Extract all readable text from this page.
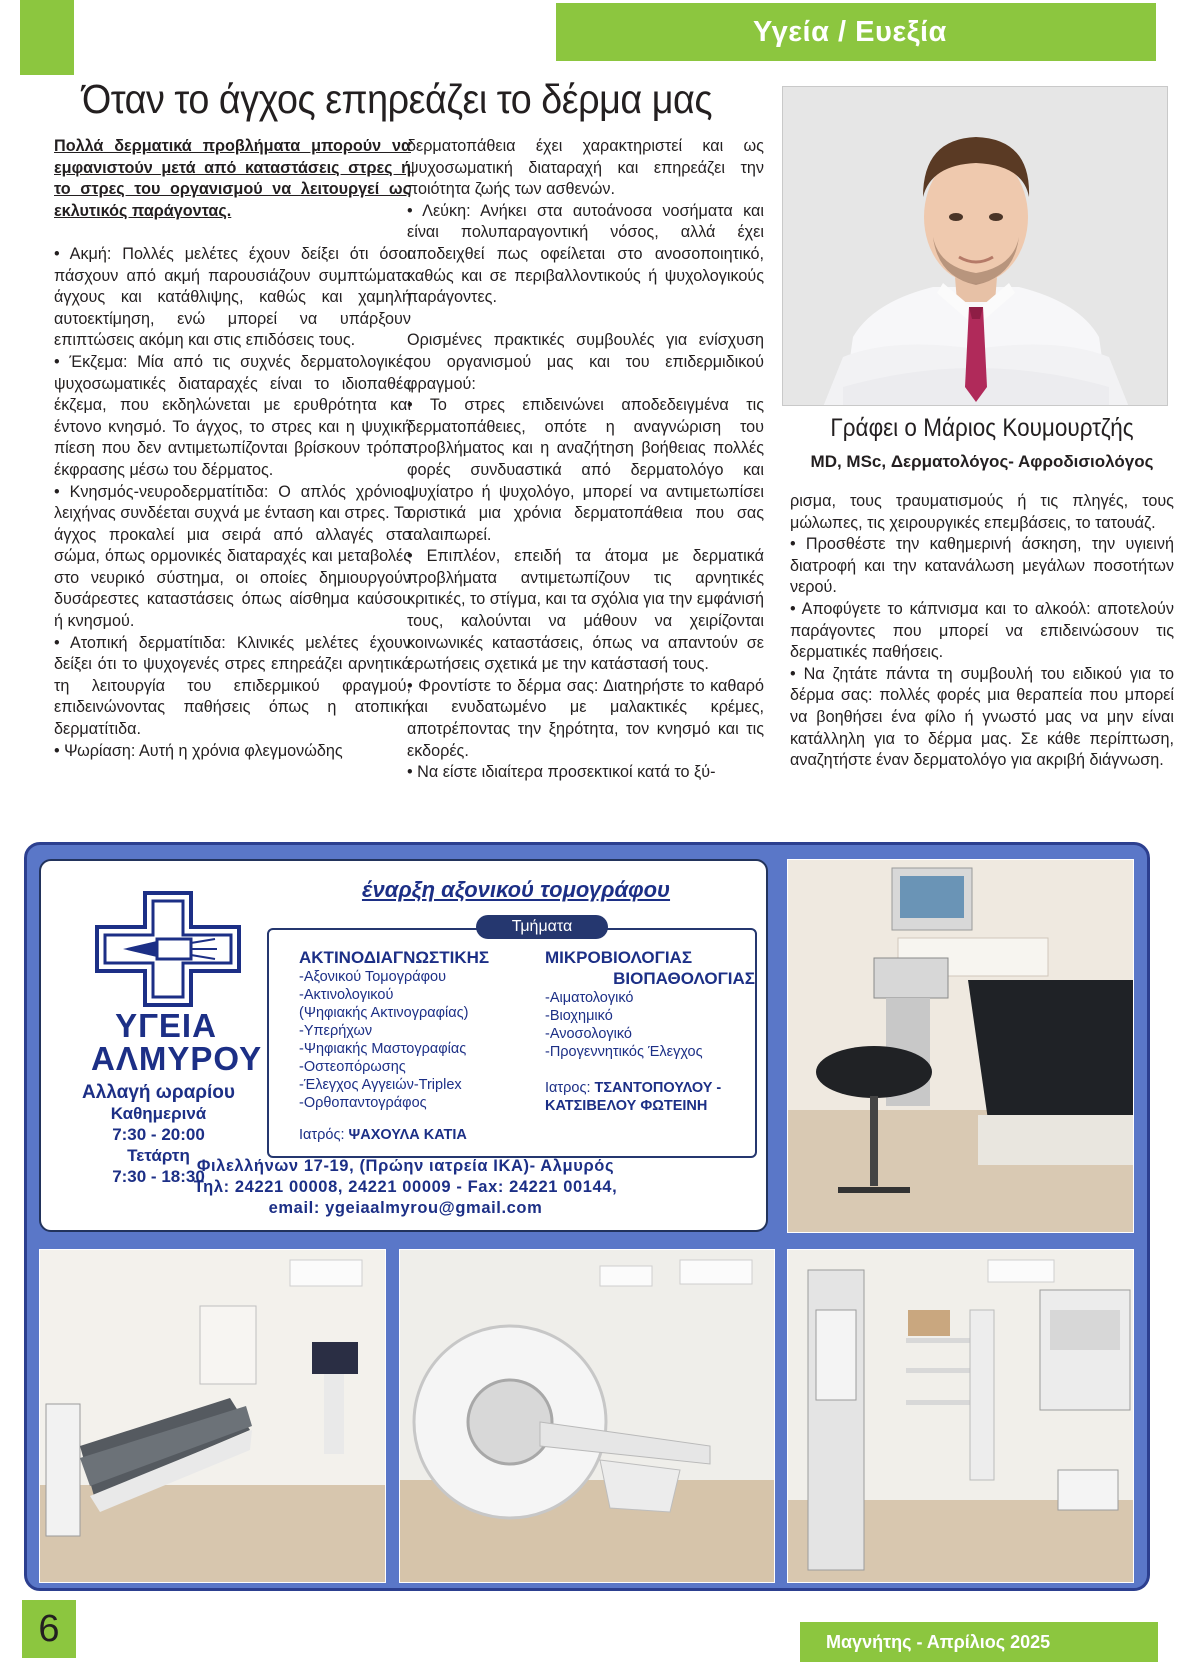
Υγεία / Ευεξία
Όταν το άγχος επηρεάζει το δέρμα μας

Πολλά δερματικά προβλήματα μπορούν να εμφανιστούν μετά από καταστάσεις στρες ή το στρες του οργανισμού να λειτουργεί ως εκλυτικός παράγοντας.

• Ακμή: Πολλές μελέτες έχουν δείξει ότι όσοι πάσχουν από ακμή παρουσιάζουν συμπτώματα άγχους και κατάθλιψης, καθώς και χαμηλή αυτοεκτίμηση, ενώ μπορεί να υπάρξουν επιπτώσεις ακόμη και στις επιδόσεις τους.

• Έκζεμα: Μία από τις συχνές δερματολογικές ψυχοσωματικές διαταραχές είναι το ιδιοπαθές έκζεμα, που εκδηλώνεται με ερυθρότητα και έντονο κνησμό. Το άγχος, το στρες και η ψυχική πίεση που δεν αντιμετωπίζονται βρίσκουν τρόπο έκφρασης μέσω του δέρματος.

• Κνησμός-νευροδερματίτιδα: Ο απλός χρόνιος λειχήνας συνδέεται συχνά με ένταση και στρες. Το άγχος προκαλεί μια σειρά από αλλαγές στο σώμα, όπως ορμονικές διαταραχές και μεταβολές στο νευρικό σύστημα, οι οποίες δημιουργούν δυσάρεστες καταστάσεις όπως αίσθημα καύσου ή κνησμού.

• Ατοπική δερματίτιδα: Κλινικές μελέτες έχουν δείξει ότι το ψυχογενές στρες επηρεάζει αρνητικά τη λειτουργία του επιδερμικού φραγμού, επιδεινώνοντας παθήσεις όπως η ατοπική δερματίτιδα.

• Ψωρίαση: Αυτή η χρόνια φλεγμονώδης

δερματοπάθεια έχει χαρακτηριστεί και ως ψυχοσωματική διαταραχή και επηρεάζει την ποιότητα ζωής των ασθενών.

• Λεύκη: Ανήκει στα αυτοάνοσα νοσήματα και είναι πολυπαραγοντική νόσος, αλλά έχει αποδειχθεί πως οφείλεται στο ανοσοποιητικό, καθώς και σε περιβαλλοντικούς ή ψυχολογικούς παράγοντες.

Ορισμένες πρακτικές συμβουλές για ενίσχυση του οργανισμού μας και του επιδερμιδικού φραγμού:

• Το στρες επιδεινώνει αποδεδειγμένα τις δερματοπάθειες, οπότε η αναγνώριση του προβλήματος και η αναζήτηση βοήθειας πολλές φορές συνδυαστικά από δερματολόγο και ψυχίατρο ή ψυχολόγο, μπορεί να αντιμετωπίσει οριστικά μια χρόνια δερματοπάθεια που σας ταλαιπωρεί.

• Επιπλέον, επειδή τα άτομα με δερματικά προβλήματα αντιμετωπίζουν τις αρνητικές κριτικές, το στίγμα, και τα σχόλια για την εμφάνισή τους, καλούνται να μάθουν να χειρίζονται κοινωνικές καταστάσεις, όπως να απαντούν σε ερωτήσεις σχετικά με την κατάστασή τους.

• Φροντίστε το δέρμα σας: Διατηρήστε το καθαρό και ενυδατωμένο με μαλακτικές κρέμες, αποτρέποντας την ξηρότητα, τον κνησμό και τις εκδορές.

• Να είστε ιδιαίτερα προσεκτικοί κατά το ξύ-

Γράφει ο Μάριος Κουμουρτζής
MD, MSc, Δερματολόγος- Αφροδισιολόγος

ρισμα, τους τραυματισμούς ή τις πληγές, τους μώλωπες, τις χειρουργικές επεμβάσεις, το τατουάζ.

• Προσθέστε την καθημερινή άσκηση, την υγιεινή διατροφή και την κατανάλωση μεγάλων ποσοτήτων νερού.

• Αποφύγετε το κάπνισμα και το αλκοόλ: αποτελούν παράγοντες που μπορεί να επιδεινώσουν τις δερματικές παθήσεις.

• Να ζητάτε πάντα τη συμβουλή του ειδικού για το δέρμα σας: πολλές φορές μια θεραπεία που μπορεί να βοηθήσει ένα φίλο ή γνωστό μας να μην είναι κατάλληλη για το δέρμα μας. Σε κάθε περίπτωση, αναζητήστε έναν δερματολόγο για ακριβή διάγνωση.

ΥΓΕΙΑ
ΑΛΜΥΡΟΥ
Αλλαγή ωραρίου
Καθημερινά
7:30 - 20:00
Τετάρτη
7:30 - 18:30
έναρξη αξονικού τομογράφου
Τμήματα
ΑΚΤΙΝΟΔΙΑΓΝΩΣΤΙΚΗΣ
-Αξονικού Τομογράφου
-Ακτινολογικού
(Ψηφιακής Ακτινογραφίας)
-Υπερήχων
-Ψηφιακής Μαστογραφίας
-Οστεοπόρωσης
-Έλεγχος Αγγειών-Triplex
-Ορθοπαντογράφος
Ιατρός: ΨΑΧΟΥΛΑ ΚΑΤΙΑ
ΜΙΚΡΟΒΙΟΛΟΓΙΑΣ
ΒΙΟΠΑΘΟΛΟΓΙΑΣ
-Αιματολογικό
-Βιοχημικό
-Ανοσολογικό
-Προγεννητικός Έλεγχος
Ιατρος: ΤΣΑΝΤΟΠΟΥΛΟΥ -
ΚΑΤΣΙΒΕΛΟΥ ΦΩΤΕΙΝΗ
Φιλελλήνων 17-19, (Πρώην ιατρεία ΙΚΑ)- Αλμυρός
Τηλ: 24221 00008, 24221 00009 - Fax: 24221 00144,
email: ygeiaalmyrou@gmail.com
6	Μαγνήτης - Απρίλιος 2025
